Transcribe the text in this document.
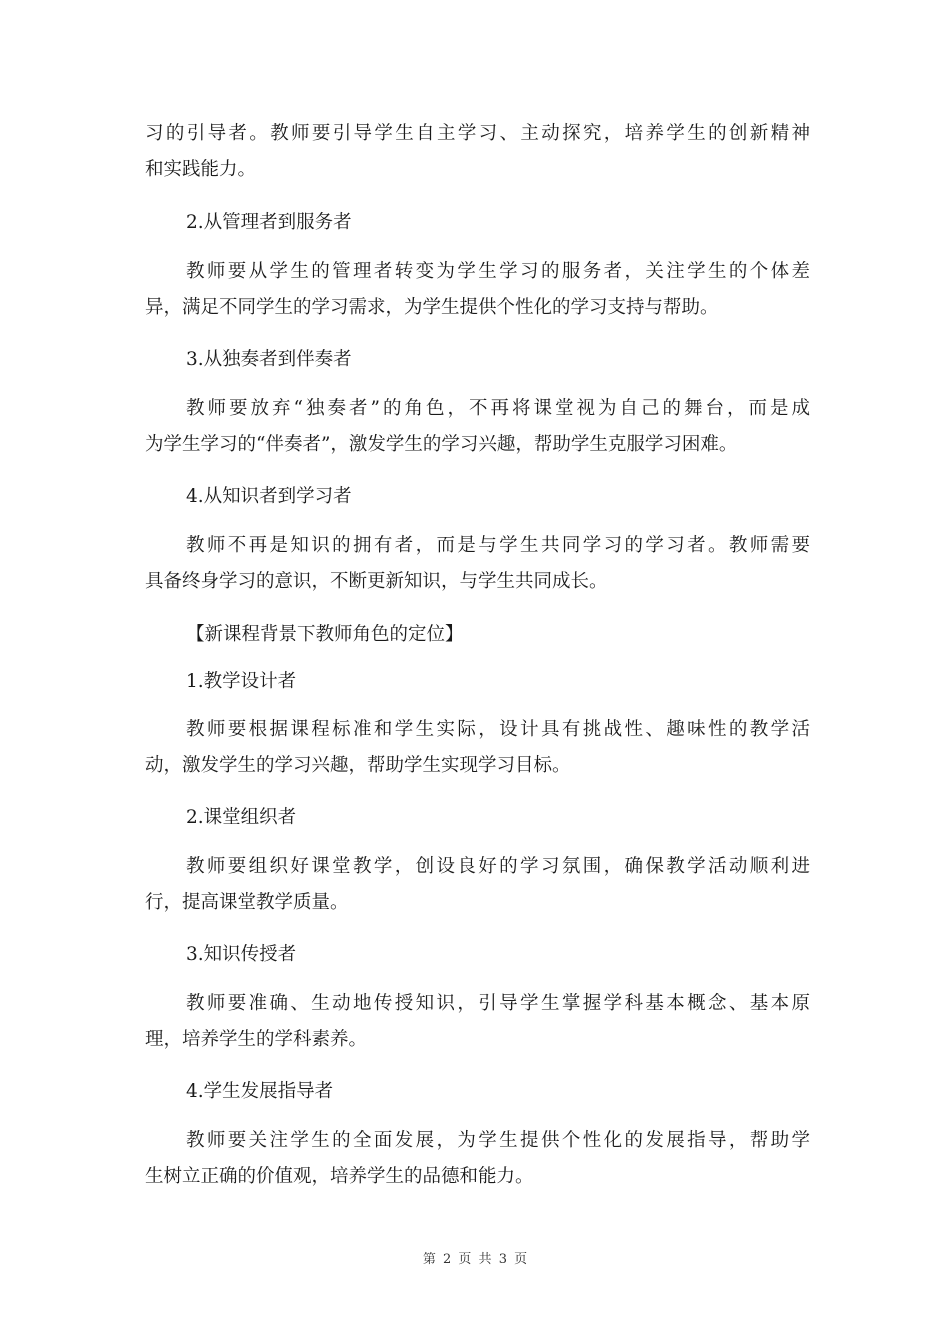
习的引导者。教师要引导学生自主学习、主动探究，培养学生的创新精神
和实践能力。
2.从管理者到服务者
教师要从学生的管理者转变为学生学习的服务者，关注学生的个体差
异，满足不同学生的学习需求，为学生提供个性化的学习支持与帮助。
3.从独奏者到伴奏者
教师要放弃“独奏者”的角色，不再将课堂视为自己的舞台，而是成
为学生学习的“伴奏者”，激发学生的学习兴趣，帮助学生克服学习困难。
4.从知识者到学习者
教师不再是知识的拥有者，而是与学生共同学习的学习者。教师需要
具备终身学习的意识，不断更新知识，与学生共同成长。
【新课程背景下教师角色的定位】
1.教学设计者
教师要根据课程标准和学生实际，设计具有挑战性、趣味性的教学活
动，激发学生的学习兴趣，帮助学生实现学习目标。
2.课堂组织者
教师要组织好课堂教学，创设良好的学习氛围，确保教学活动顺利进
行，提高课堂教学质量。
3.知识传授者
教师要准确、生动地传授知识，引导学生掌握学科基本概念、基本原
理，培养学生的学科素养。
4.学生发展指导者
教师要关注学生的全面发展，为学生提供个性化的发展指导，帮助学
生树立正确的价值观，培养学生的品德和能力。
第 2 页 共 3 页
